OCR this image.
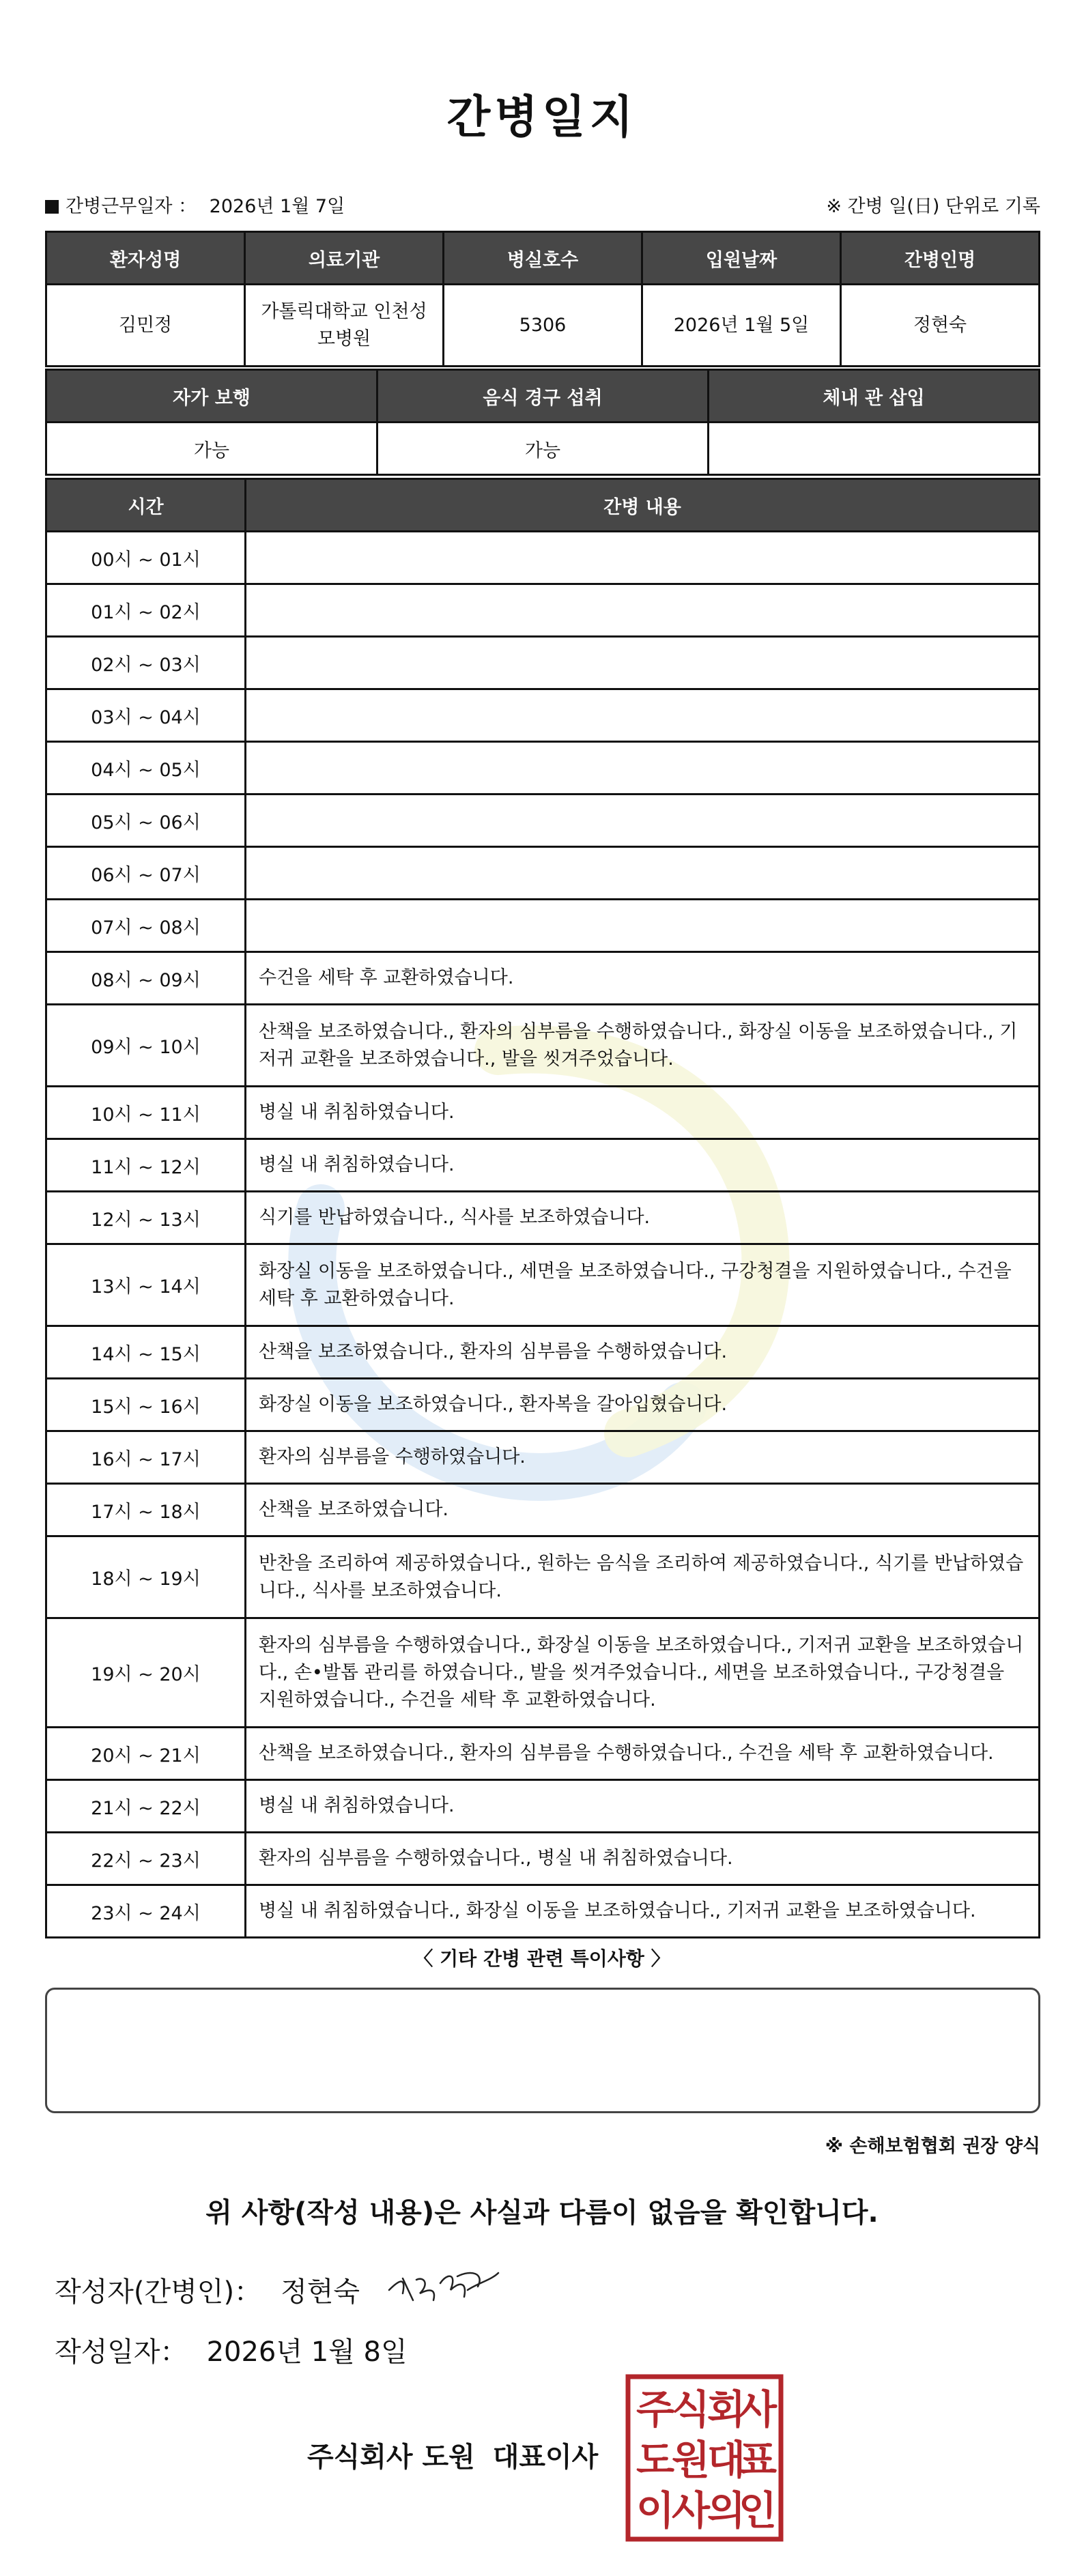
간병일지
간병근무일자 ： 2026년 1월 7일	※ 간병 일(日) 단위로 기록
환자성명	의료기관	병실호수	입원날짜	간병인명
김민정	가톨릭대학교 인천성모병원	5306	2026년 1월 5일	정현숙
자가 보행	음식 경구 섭취	체내 관 삽입
가능	가능	
시간	간병 내용
00시 ~ 01시	
01시 ~ 02시	
02시 ~ 03시	
03시 ~ 04시	
04시 ~ 05시	
05시 ~ 06시	
06시 ~ 07시	
07시 ~ 08시	
08시 ~ 09시	수건을 세탁 후 교환하였습니다.
09시 ~ 10시	산책을 보조하였습니다., 환자의 심부름을 수행하였습니다., 화장실 이동을 보조하였습니다., 기저귀 교환을 보조하였습니다., 발을 씻겨주었습니다.
10시 ~ 11시	병실 내 취침하였습니다.
11시 ~ 12시	병실 내 취침하였습니다.
12시 ~ 13시	식기를 반납하였습니다., 식사를 보조하였습니다.
13시 ~ 14시	화장실 이동을 보조하였습니다., 세면을 보조하였습니다., 구강청결을 지원하였습니다., 수건을 세탁 후 교환하였습니다.
14시 ~ 15시	산책을 보조하였습니다., 환자의 심부름을 수행하였습니다.
15시 ~ 16시	화장실 이동을 보조하였습니다., 환자복을 갈아입혔습니다.
16시 ~ 17시	환자의 심부름을 수행하였습니다.
17시 ~ 18시	산책을 보조하였습니다.
18시 ~ 19시	반찬을 조리하여 제공하였습니다., 원하는 음식을 조리하여 제공하였습니다., 식기를 반납하였습니다., 식사를 보조하였습니다.
19시 ~ 20시	환자의 심부름을 수행하였습니다., 화장실 이동을 보조하였습니다., 기저귀 교환을 보조하였습니다., 손•발톱 관리를 하였습니다., 발을 씻겨주었습니다., 세면을 보조하였습니다., 구강청결을 지원하였습니다., 수건을 세탁 후 교환하였습니다.
20시 ~ 21시	산책을 보조하였습니다., 환자의 심부름을 수행하였습니다., 수건을 세탁 후 교환하였습니다.
21시 ~ 22시	병실 내 취침하였습니다.
22시 ~ 23시	환자의 심부름을 수행하였습니다., 병실 내 취침하였습니다.
23시 ~ 24시	병실 내 취침하였습니다., 화장실 이동을 보조하였습니다., 기저귀 교환을 보조하였습니다.
〈 기타 간병 관련 특이사항 〉
※ 손해보험협회 권장 양식
위 사항(작성 내용)은 사실과 다름이 없음을 확인합니다.
작성자(간병인)： 정현숙
작성일자： 2026년 1월 8일
주식회사 도원 대표이사
주
식
회
사
도
원
대
표
이
사
의
인
